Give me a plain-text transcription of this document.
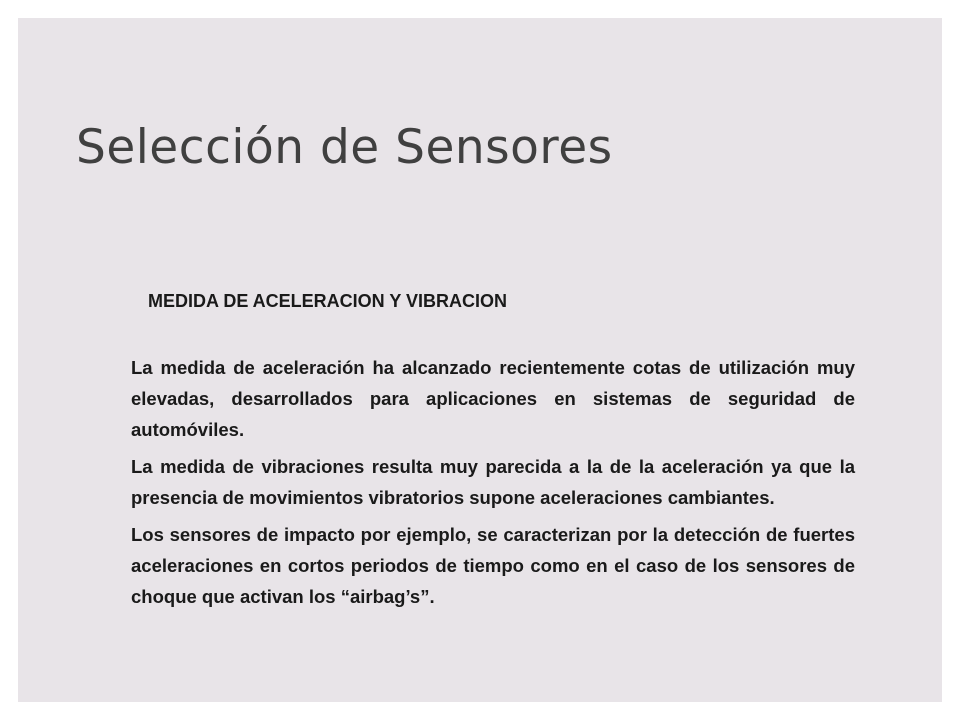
Selección de Sensores
MEDIDA DE ACELERACION Y VIBRACION

La medida de aceleración ha alcanzado recientemente cotas de utilización muy elevadas, desarrollados para aplicaciones en sistemas de seguridad de automóviles.

La medida de vibraciones resulta muy parecida a la de la aceleración ya que la presencia de movimientos vibratorios supone aceleraciones cambiantes.

Los sensores de impacto por ejemplo, se caracterizan por la detección de fuertes aceleraciones en cortos periodos de tiempo como en el caso de los sensores de choque que activan los “airbag’s”.
